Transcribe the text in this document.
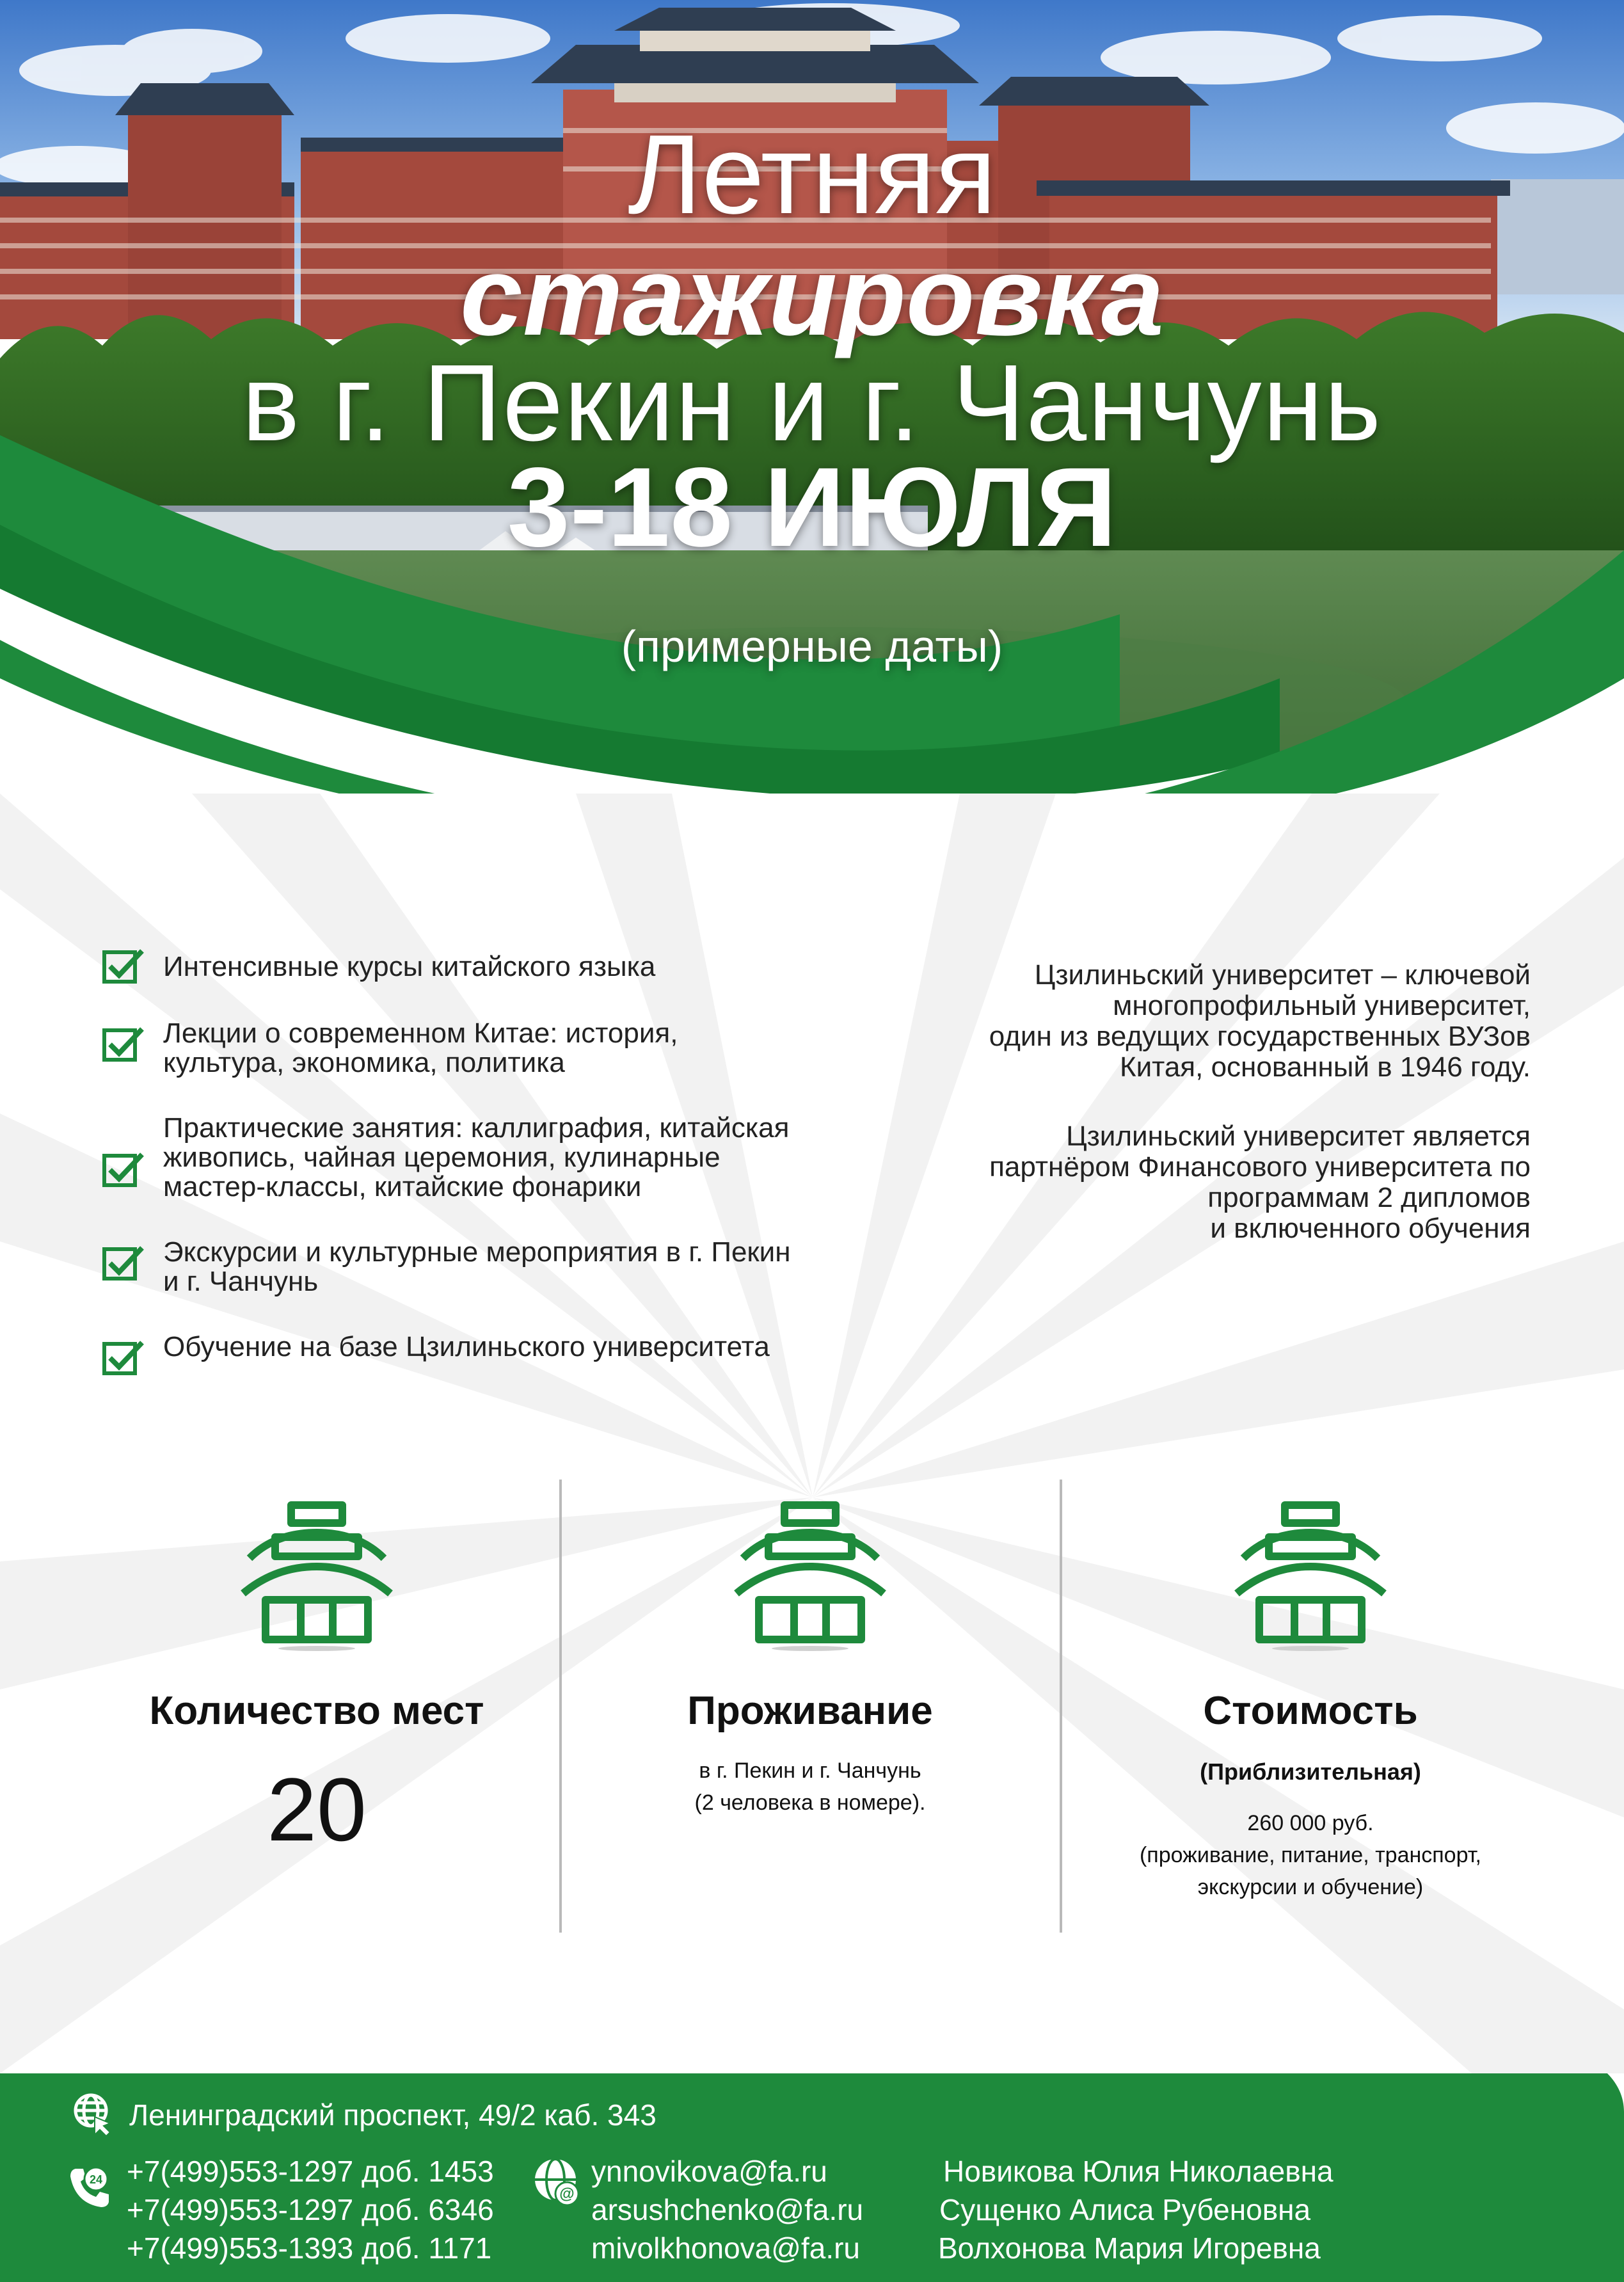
Летняя
стажировка
в г. Пекин и г. Чанчунь
3-18 ИЮЛЯ
(примерные даты)
Интенсивные курсы китайского языка
Лекции о современном Китае: история, культура, экономика, политика
Практические занятия: каллиграфия, китайская живопись, чайная церемония, кулинарные мастер-классы, китайские фонарики
Экскурсии и культурные мероприятия в г. Пекин и г. Чанчунь
Обучение на базе Цзилиньского университета

Цзилиньский университет – ключевой
многопрофильный университет,
один из ведущих государственных ВУЗов
Китая, основанный в 1946 году.

Цзилиньский университет является
партнёром Финансового университета по
программам 2 дипломов
и включенного обучения

Количество мест
20
Проживание
в г. Пекин и г. Чанчунь
(2 человека в номере).
Стоимость
(Приблизительная)
260 000 руб.
(проживание, питание, транспорт,
экскурсии и обучение)
Ленинградский проспект, 49/2 каб. 343
24 +7(499)553-1297 доб. 1453
+7(499)553-1297 доб. 6346
+7(499)553-1393 доб. 1171
@
ynnovikova@fa.ru
arsushchenko@fa.ru
mivolkhonova@fa.ru
Новикова Юлия Николаевна
Сущенко Алиса Рубеновна
Волхонова Мария Игоревна
